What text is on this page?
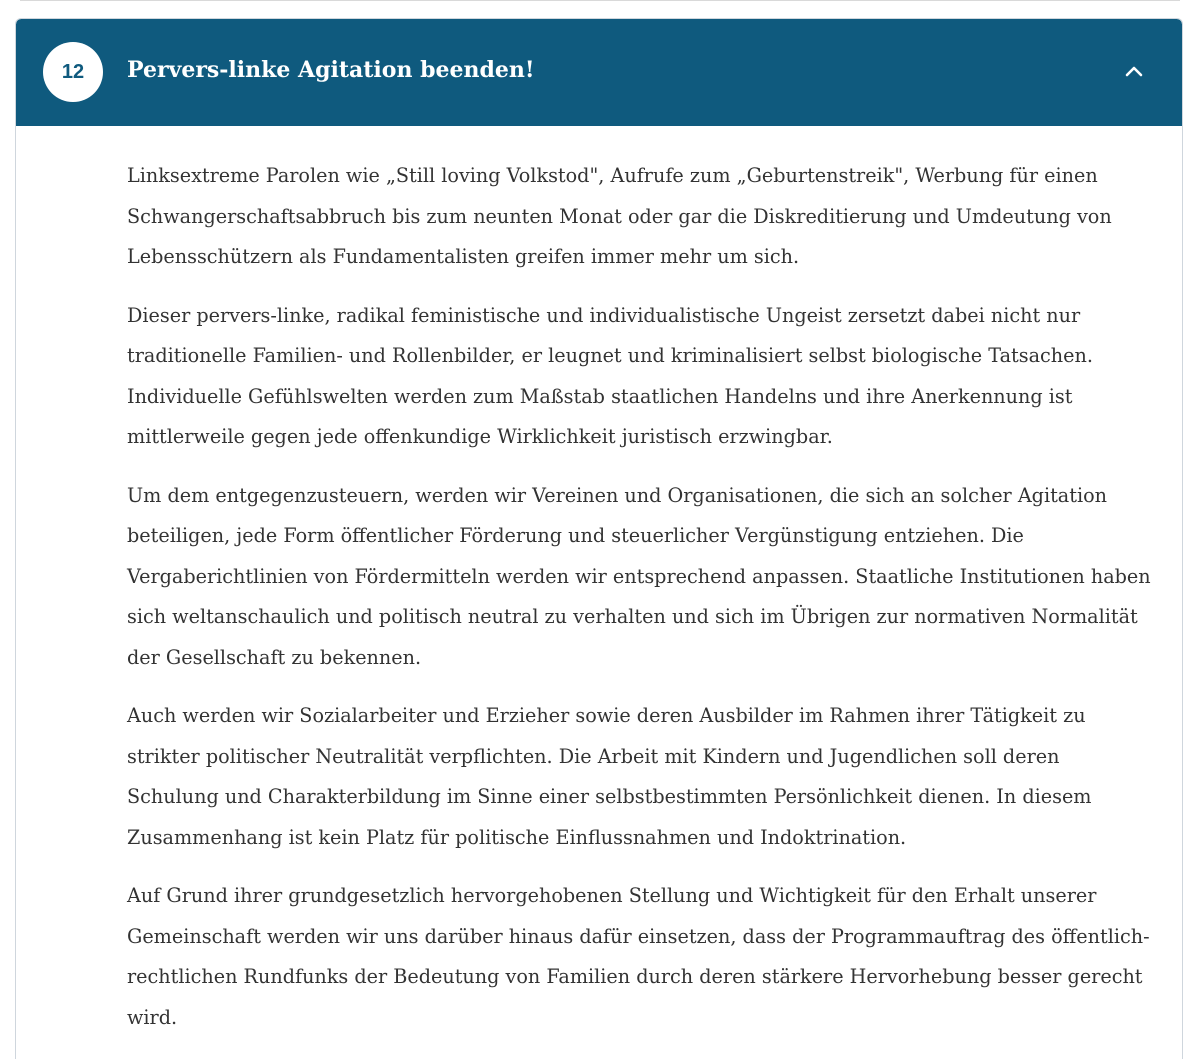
12	Pervers-linke Agitation beenden!

Linksextreme Parolen wie „Still loving Volkstod", Aufrufe zum „Geburtenstreik", Werbung für einen Schwangerschaftsabbruch bis zum neunten Monat oder gar die Diskreditierung und Umdeutung von Lebensschützern als Fundamentalisten greifen immer mehr um sich.

Dieser pervers-linke, radikal feministische und individualistische Ungeist zersetzt dabei nicht nur traditionelle Familien- und Rollenbilder, er leugnet und kriminalisiert selbst biologische Tatsachen. Individuelle Gefühlswelten werden zum Maßstab staatlichen Handelns und ihre Anerkennung ist mittlerweile gegen jede offenkundige Wirklichkeit juristisch erzwingbar.

Um dem entgegenzusteuern, werden wir Vereinen und Organisationen, die sich an solcher Agitation beteiligen, jede Form öffentlicher Förderung und steuerlicher Vergünstigung entziehen. Die Vergaberichtlinien von Fördermitteln werden wir entsprechend anpassen. Staatliche Institutionen haben sich weltanschaulich und politisch neutral zu verhalten und sich im Übrigen zur normativen Normalität der Gesellschaft zu bekennen.

Auch werden wir Sozialarbeiter und Erzieher sowie deren Ausbilder im Rahmen ihrer Tätigkeit zu strikter politischer Neutralität verpflichten. Die Arbeit mit Kindern und Jugendlichen soll deren Schulung und Charakterbildung im Sinne einer selbstbestimmten Persönlichkeit dienen. In diesem Zusammenhang ist kein Platz für politische Einflussnahmen und Indoktrination.

Auf Grund ihrer grundgesetzlich hervorgehobenen Stellung und Wichtigkeit für den Erhalt unserer Gemeinschaft werden wir uns darüber hinaus dafür einsetzen, dass der Programmauftrag des öffentlich-rechtlichen Rundfunks der Bedeutung von Familien durch deren stärkere Hervorhebung besser gerecht wird.
